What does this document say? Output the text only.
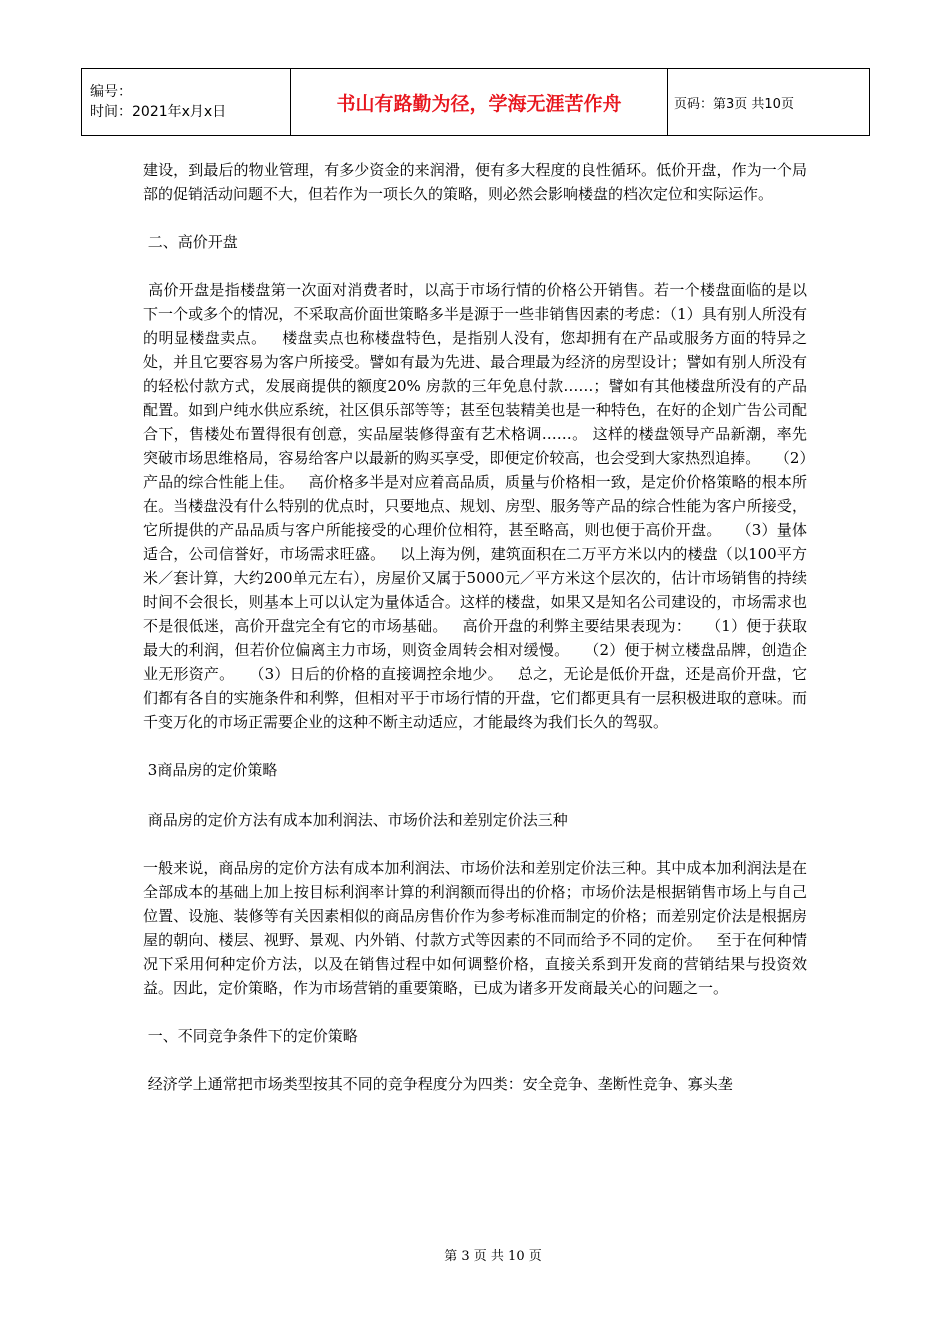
编号：
时间：2021年x月x日	书山有路勤为径，学海无涯苦作舟	页码：第3页 共10页

建设，到最后的物业管理，有多少资金的来润滑，便有多大程度的良性循环。低价开盘，作为一个局部的促销活动问题不大，但若作为一项长久的策略，则必然会影响楼盘的档次定位和实际运作。

二、高价开盘

高价开盘是指楼盘第一次面对消费者时，以高于市场行情的价格公开销售。若一个楼盘面临的是以下一个或多个的情况，不采取高价面世策略多半是源于一些非销售因素的考虑：（1）具有别人所没有的明显楼盘卖点。   楼盘卖点也称楼盘特色，是指别人没有，您却拥有在产品或服务方面的特异之处，并且它要容易为客户所接受。譬如有最为先进、最合理最为经济的房型设计；譬如有别人所没有的轻松付款方式，发展商提供的额度20% 房款的三年免息付款……；譬如有其他楼盘所没有的产品配置。如到户纯水供应系统，社区俱乐部等等；甚至包装精美也是一种特色，在好的企划广告公司配合下，售楼处布置得很有创意，实品屋装修得蛮有艺术格调……。 这样的楼盘领导产品新潮，率先突破市场思维格局，容易给客户以最新的购买享受，即便定价较高，也会受到大家热烈追捧。   （2）产品的综合性能上佳。   高价格多半是对应着高品质，质量与价格相一致，是定价价格策略的根本所在。当楼盘没有什么特别的优点时，只要地点、规划、房型、服务等产品的综合性能为客户所接受，它所提供的产品品质与客户所能接受的心理价位相符，甚至略高，则也便于高价开盘。   （3）量体适合，公司信誉好，市场需求旺盛。   以上海为例，建筑面积在二万平方米以内的楼盘（以100平方米／套计算，大约200单元左右），房屋价又属于5000元／平方米这个层次的，估计市场销售的持续时间不会很长，则基本上可以认定为量体适合。这样的楼盘，如果又是知名公司建设的，市场需求也不是很低迷，高价开盘完全有它的市场基础。   高价开盘的利弊主要结果表现为：   （1）便于获取最大的利润，但若价位偏离主力市场，则资金周转会相对缓慢。   （2）便于树立楼盘品牌，创造企业无形资产。   （3）日后的价格的直接调控余地少。   总之，无论是低价开盘，还是高价开盘，它们都有各自的实施条件和利弊，但相对平于市场行情的开盘，它们都更具有一层积极进取的意味。而千变万化的市场正需要企业的这种不断主动适应，才能最终为我们长久的驾驭。

3商品房的定价策略

商品房的定价方法有成本加利润法、市场价法和差别定价法三种

一般来说，商品房的定价方法有成本加利润法、市场价法和差别定价法三种。其中成本加利润法是在全部成本的基础上加上按目标利润率计算的利润额而得出的价格；市场价法是根据销售市场上与自己位置、设施、装修等有关因素相似的商品房售价作为参考标准而制定的价格；而差别定价法是根据房屋的朝向、楼层、视野、景观、内外销、付款方式等因素的不同而给予不同的定价。   至于在何种情况下采用何种定价方法，以及在销售过程中如何调整价格，直接关系到开发商的营销结果与投资效益。因此，定价策略，作为市场营销的重要策略，已成为诸多开发商最关心的问题之一。

一、不同竞争条件下的定价策略

经济学上通常把市场类型按其不同的竞争程度分为四类：安全竞争、垄断性竞争、寡头垄

第 3 页 共 10 页
